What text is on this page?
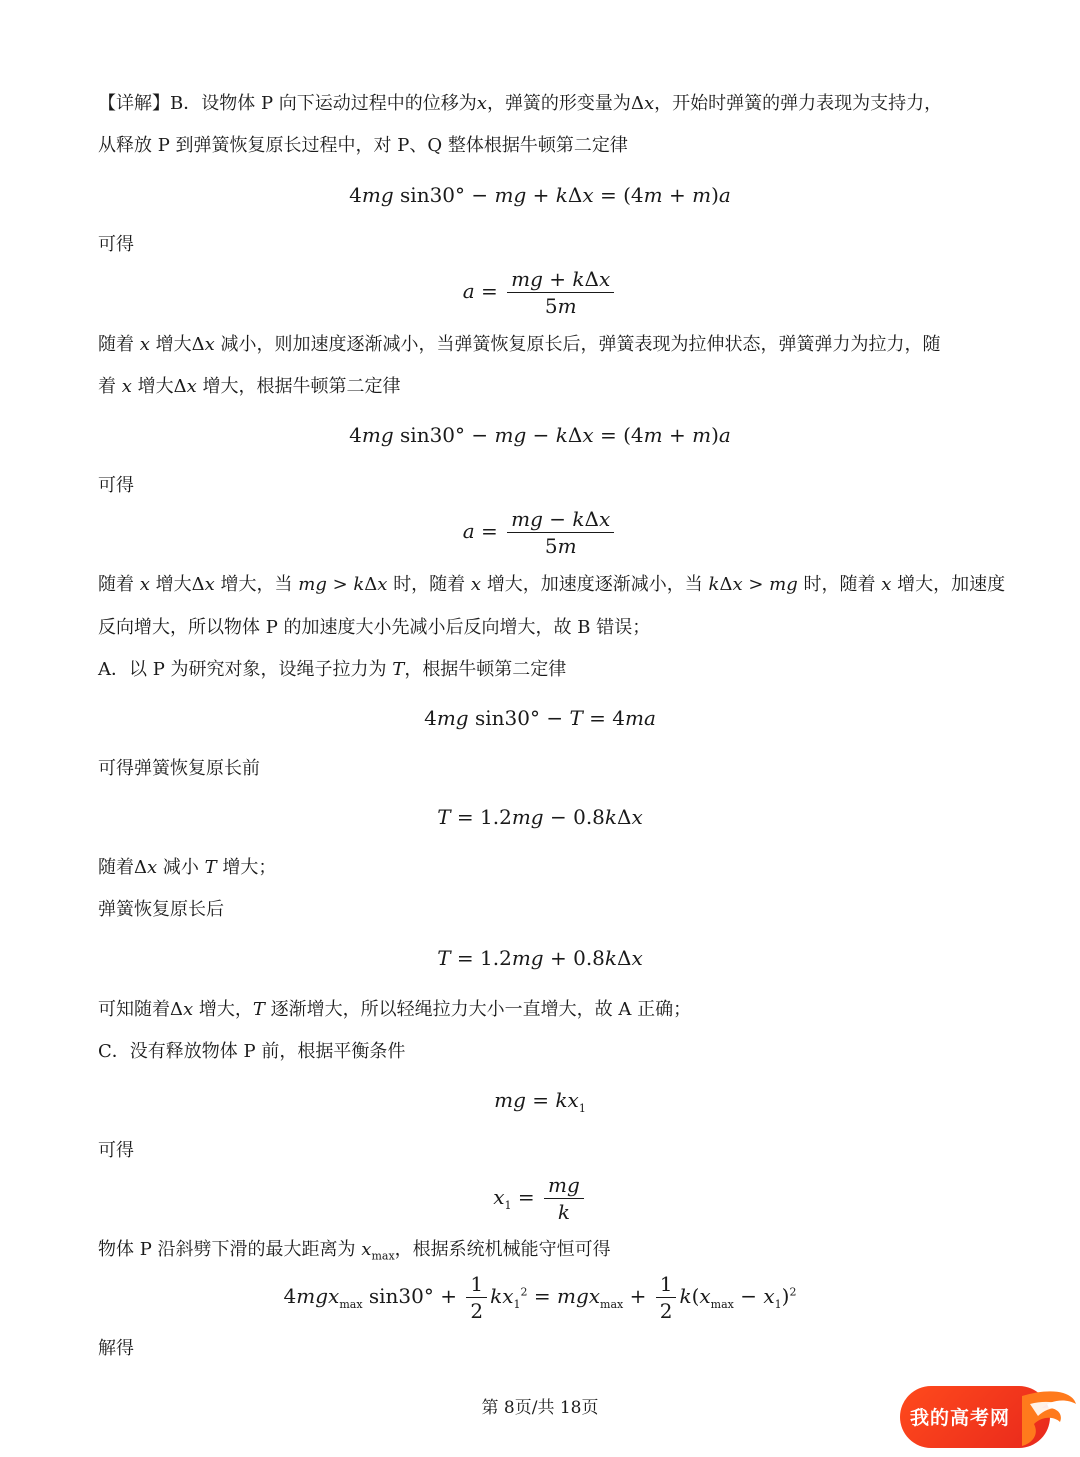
【详解】B．设物体 P 向下运动过程中的位移为x，弹簧的形变量为Δx，开始时弹簧的弹力表现为支持力，
从释放 P 到弹簧恢复原长过程中，对 P、Q 整体根据牛顿第二定律
4mg sin30° − mg + kΔx = (4m + m)a
可得
$a = \frac{\text{mg + kΔx}}{5m}$
随着 x 增大Δx 减小，则加速度逐渐减小，当弹簧恢复原长后，弹簧表现为拉伸状态，弹簧弹力为拉力，随
着 x 增大Δx 增大，根据牛顿第二定律
4mg sin30° − mg − kΔx = (4m + m)a
可得
$a = \frac{\text{mg − kΔx}}{5m}$
随着 x 增大Δx 增大，当 mg > kΔx 时，随着 x 增大，加速度逐渐减小，当 kΔx > mg 时，随着 x 增大，加速度
反向增大，所以物体 P 的加速度大小先减小后反向增大，故 B 错误；
A．以 P 为研究对象，设绳子拉力为 T，根据牛顿第二定律
4mg sin30° − T = 4ma
可得弹簧恢复原长前
T = 1.2mg − 0.8kΔx
随着Δx 减小 T 增大；
弹簧恢复原长后
T = 1.2mg + 0.8kΔx
可知随着Δx 增大，T 逐渐增大，所以轻绳拉力大小一直增大，故 A 正确；
C．没有释放物体 P 前，根据平衡条件
mg = $kx_1$
可得
$x_1 = \frac{mg}{k}$
物体 P 沿斜劈下滑的最大距离为 $x_{max}$，根据系统机械能守恒可得
4mgx$_{max}$ $\sin 30^\circ + \frac{1}{2} kx_1^2 = mgx_{max} + \frac{1}{2} k(x_{max} - x_1)^2$
解得
第 8页/共 18页	我的高考网
